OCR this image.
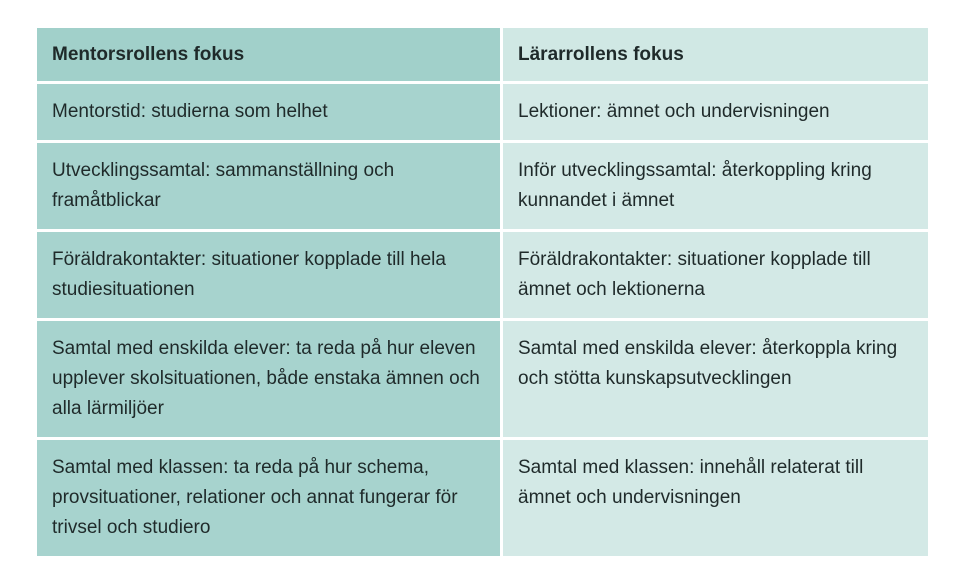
Mentorsrollens fokus	Lärarrollens fokus
Mentorstid: studierna som helhet	Lektioner: ämnet och undervisningen
Utvecklingssamtal: sammanställning och framåtblickar	Inför utvecklingssamtal: återkoppling kring kunnandet i ämnet
Föräldrakontakter: situationer kopplade till hela studiesituationen	Föräldrakontakter: situationer kopplade till ämnet och lektionerna
Samtal med enskilda elever: ta reda på hur eleven upplever skolsituationen, både enstaka ämnen och alla lärmiljöer	Samtal med enskilda elever: återkoppla kring och stötta kunskapsutvecklingen
Samtal med klassen: ta reda på hur schema, provsituationer, relationer och annat fungerar för trivsel och studiero	Samtal med klassen: innehåll relaterat till ämnet och undervisningen
